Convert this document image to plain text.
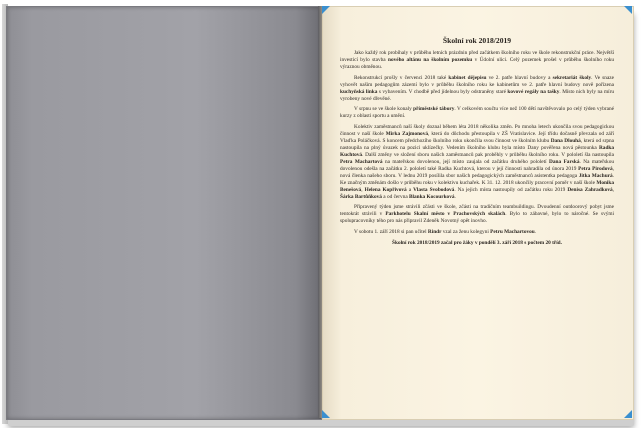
Školní rok 2018/2019
Jako každý rok probíhaly v průběhu letních prázdnin před začátkem školního roku ve škole rekonstrukční práce. Největší investicí bylo stavba nového altánu na školním pozemku v Údolní ulici. Celý pozemek prošel v průběhu školního roku výraznou obměnou.
Rekonstrukcí prošly v červenci 2018 také kabinet dějepisu ve 2. patře hlavní budovy a sekretariát školy. Ve snaze vyhovět našim pedagogům zázemí bylo v průběhu školního roku ke kabinetům ve 2. patře hlavní budovy nově pořízena kuchyňská linka s vybavením. V chodbě před jídelnou byly odstraněny staré kovové regály na tašky. Místo nich byly na míru vyrobeny nové dřevěné.
V srpnu se ve škole konaly příměstské tábory. V celkovém součtu více než 100 dětí navštěvovalo po celý týden vybrané kurzy z oblasti sportu a umění.
Kolektiv zaměstnanců naší školy doznal během léta 2018 několika změn. Po mnoha letech ukončila svou pedagogickou činnost v naší škole Mirka Zajmonová, která do důchodu přestoupila v ZŠ Vratislavice. Její třídu dočasně převzala od září Vlaďka Poláčková. S koncem předchozího školního roku ukončila svou činnost ve školním klubu Dana Dlouhá, která od srpna nastoupila na plný úvazek na pozici uklízečky. Vedením školního klubu byla místo Dany pověřena nová pěstounka Radka Kuchtová. Další změny ve složení sboru našich zaměstnanců pak proběhly v průběhu školního roku. V pololetí šla nastoupila Petra Machartová na mateřskou dovolenou, její místo zaujala od začátku druhého pololetí Dana Farská. Na mateřskou dovolenou odešla na začátku 2. pololetí také Radka Kuchtová, kterou v její činnosti nahradila od února 2019 Petra Pirodová, nová členka našeho sboru. V lednu 2019 posílila sbor našich pedagogických zaměstnanců asistentka pedagoga Jitka Machurá. Ke značným změnám došlo v průběhu roku v kolektivu kuchařek. K 31. 12. 2018 ukončily pracovní poměr v naší škole Monika Benešová, Helena Kopřivová a Vlasta Svobodová. Na jejich místa nastoupily od začátku roku 2019 Denisa Zahradková, Šárka Bartůňková a od června Blanka Kocourková.
Připravený týden jsme strávili zčásti ve škole, zčásti na tradičním teambuildingu. Dvoudenní outdoorový pobyt jsme tentokrát strávili v Parkhotelu Skalní město v Prachovských skalách. Bylo to zábavné, bylo to náročné. Se svými spolupracovníky tého pro nás připravil Zdeněk Novotný opět inovho.
V sobotu 1. září 2018 si pan učitel Rindr vzal za ženu kolegyni Petru Machartovou.
Školní rok 2018/2019 začal pro žáky v pondělí 3. září 2018 s počtem 20 tříd.
